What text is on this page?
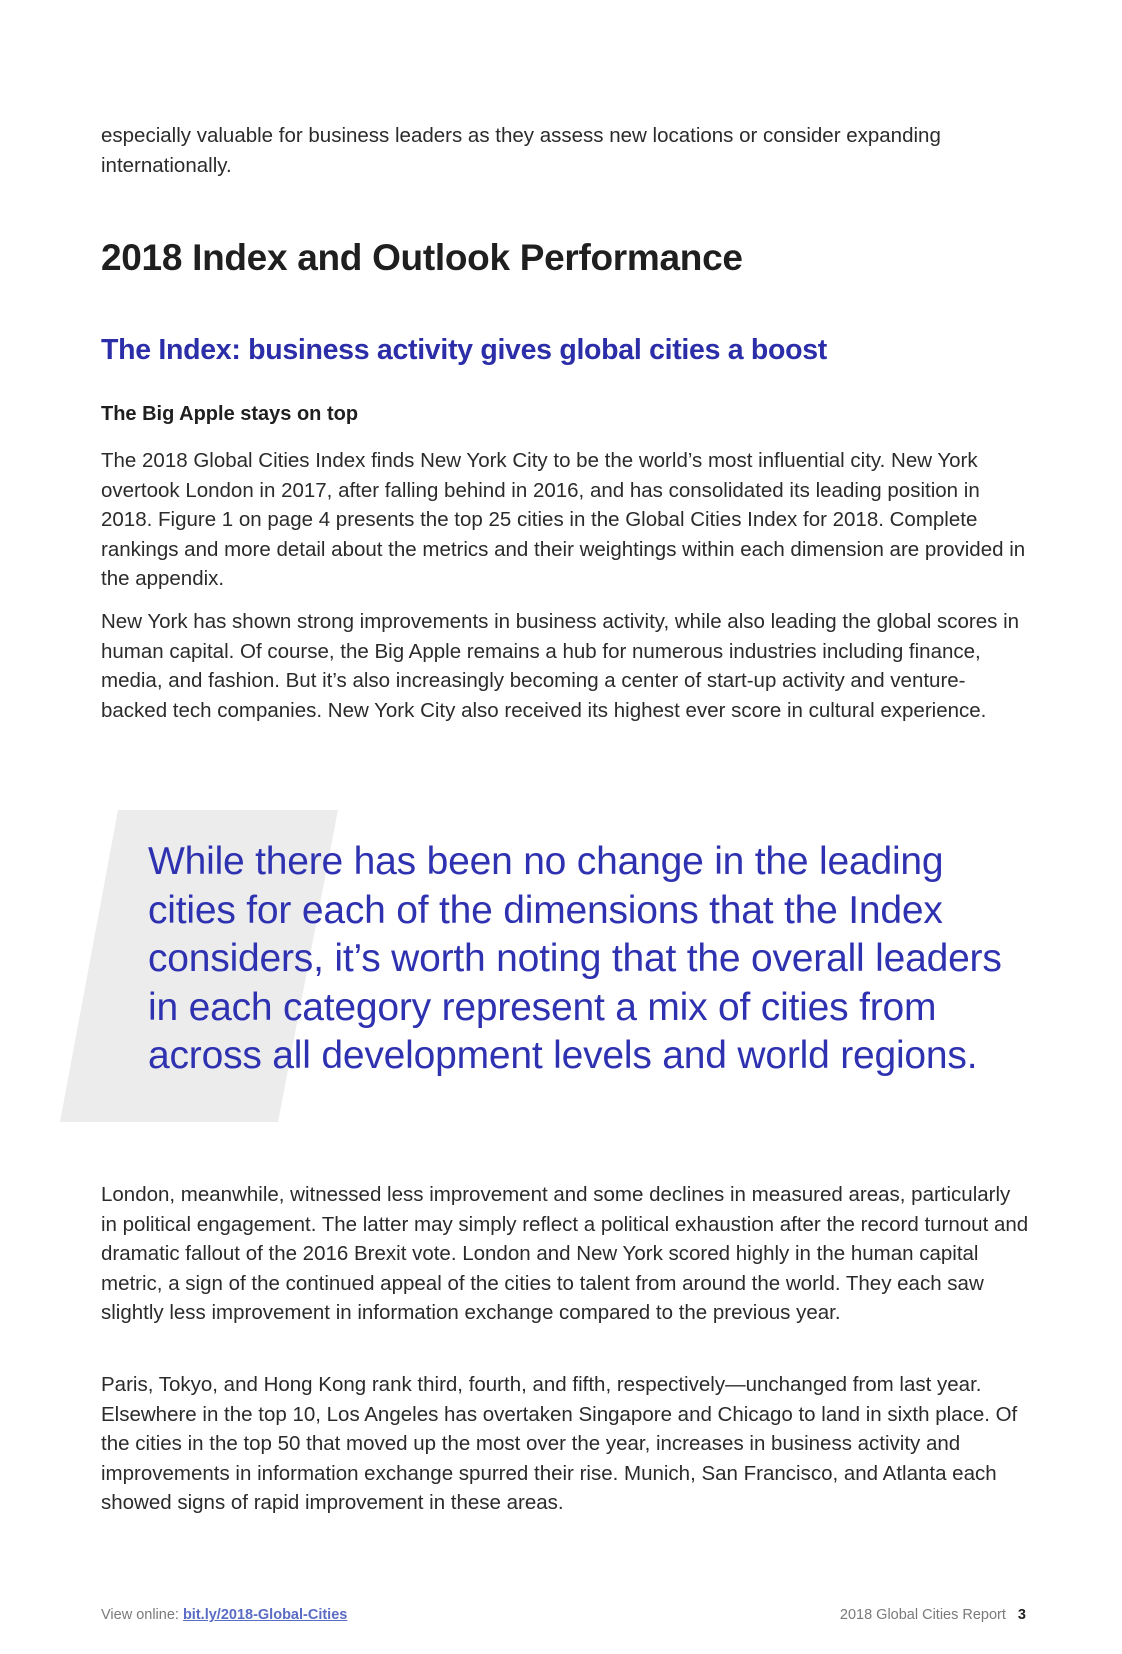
especially valuable for business leaders as they assess new locations or consider expanding internationally.

2018 Index and Outlook Performance
The Index: business activity gives global cities a boost
The Big Apple stays on top

The 2018 Global Cities Index finds New York City to be the world’s most influential city. New York overtook London in 2017, after falling behind in 2016, and has consolidated its leading position in 2018. Figure 1 on page 4 presents the top 25 cities in the Global Cities Index for 2018. Complete rankings and more detail about the metrics and their weightings within each dimension are provided in the appendix.

New York has shown strong improvements in business activity, while also leading the global scores in human capital. Of course, the Big Apple remains a hub for numerous industries including finance, media, and fashion. But it’s also increasingly becoming a center of start-up activity and venture-backed tech companies. New York City also received its highest ever score in cultural experience.

While there has been no change in the leading cities for each of the dimensions that the Index considers, it’s worth noting that the overall leaders in each category represent a mix of cities from across all development levels and world regions.

London, meanwhile, witnessed less improvement and some declines in measured areas, particularly in political engagement. The latter may simply reflect a political exhaustion after the record turnout and dramatic fallout of the 2016 Brexit vote. London and New York scored highly in the human capital metric, a sign of the continued appeal of the cities to talent from around the world. They each saw slightly less improvement in information exchange compared to the previous year.

Paris, Tokyo, and Hong Kong rank third, fourth, and fifth, respectively—unchanged from last year. Elsewhere in the top 10, Los Angeles has overtaken Singapore and Chicago to land in sixth place. Of the cities in the top 50 that moved up the most over the year, increases in business activity and improvements in information exchange spurred their rise. Munich, San Francisco, and Atlanta each showed signs of rapid improvement in these areas.

View online: bit.ly/2018-Global-Cities	2018 Global Cities Report 3
